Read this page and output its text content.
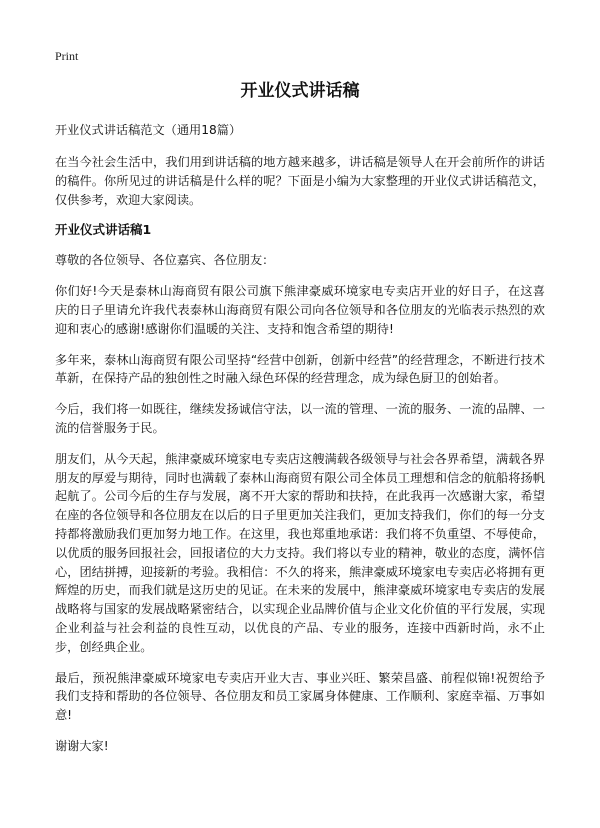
Print
开业仪式讲话稿
开业仪式讲话稿范文（通用18篇）

在当今社会生活中，我们用到讲话稿的地方越来越多，讲话稿是领导人在开会前所作的讲话的稿件。你所见过的讲话稿是什么样的呢？下面是小编为大家整理的开业仪式讲话稿范文，仅供参考，欢迎大家阅读。

开业仪式讲话稿1

尊敬的各位领导、各位嘉宾、各位朋友：

你们好!今天是泰林山海商贸有限公司旗下熊津豪威环境家电专卖店开业的好日子，在这喜庆的日子里请允许我代表泰林山海商贸有限公司向各位领导和各位朋友的光临表示热烈的欢迎和衷心的感谢!感谢你们温暖的关注、支持和饱含希望的期待!

多年来，泰林山海商贸有限公司坚持“经营中创新，创新中经营”的经营理念，不断进行技术革新，在保持产品的独创性之时融入绿色环保的经营理念，成为绿色厨卫的创始者。

今后，我们将一如既往，继续发扬诚信守法，以一流的管理、一流的服务、一流的品牌、一流的信誉服务于民。

朋友们，从今天起，熊津豪威环境家电专卖店这艘满载各级领导与社会各界希望，满载各界朋友的厚爱与期待，同时也满载了泰林山海商贸有限公司全体员工理想和信念的航船将扬帆起航了。公司今后的生存与发展，离不开大家的帮助和扶持，在此我再一次感谢大家，希望在座的各位领导和各位朋友在以后的日子里更加关注我们，更加支持我们，你们的每一分支持都将激励我们更加努力地工作。在这里，我也郑重地承诺：我们将不负重望、不辱使命，以优质的服务回报社会，回报诸位的大力支持。我们将以专业的精神，敬业的态度，满怀信心，团结拼搏，迎接新的考验。我相信：不久的将来，熊津豪威环境家电专卖店必将拥有更辉煌的历史，而我们就是这历史的见证。在未来的发展中，熊津豪威环境家电专卖店的发展战略将与国家的发展战略紧密结合，以实现企业品牌价值与企业文化价值的平行发展，实现企业利益与社会利益的良性互动，以优良的产品、专业的服务，连接中西新时尚，永不止步，创经典企业。

最后，预祝熊津豪威环境家电专卖店开业大吉、事业兴旺、繁荣昌盛、前程似锦!祝贺给予我们支持和帮助的各位领导、各位朋友和员工家属身体健康、工作顺利、家庭幸福、万事如意!

谢谢大家!
